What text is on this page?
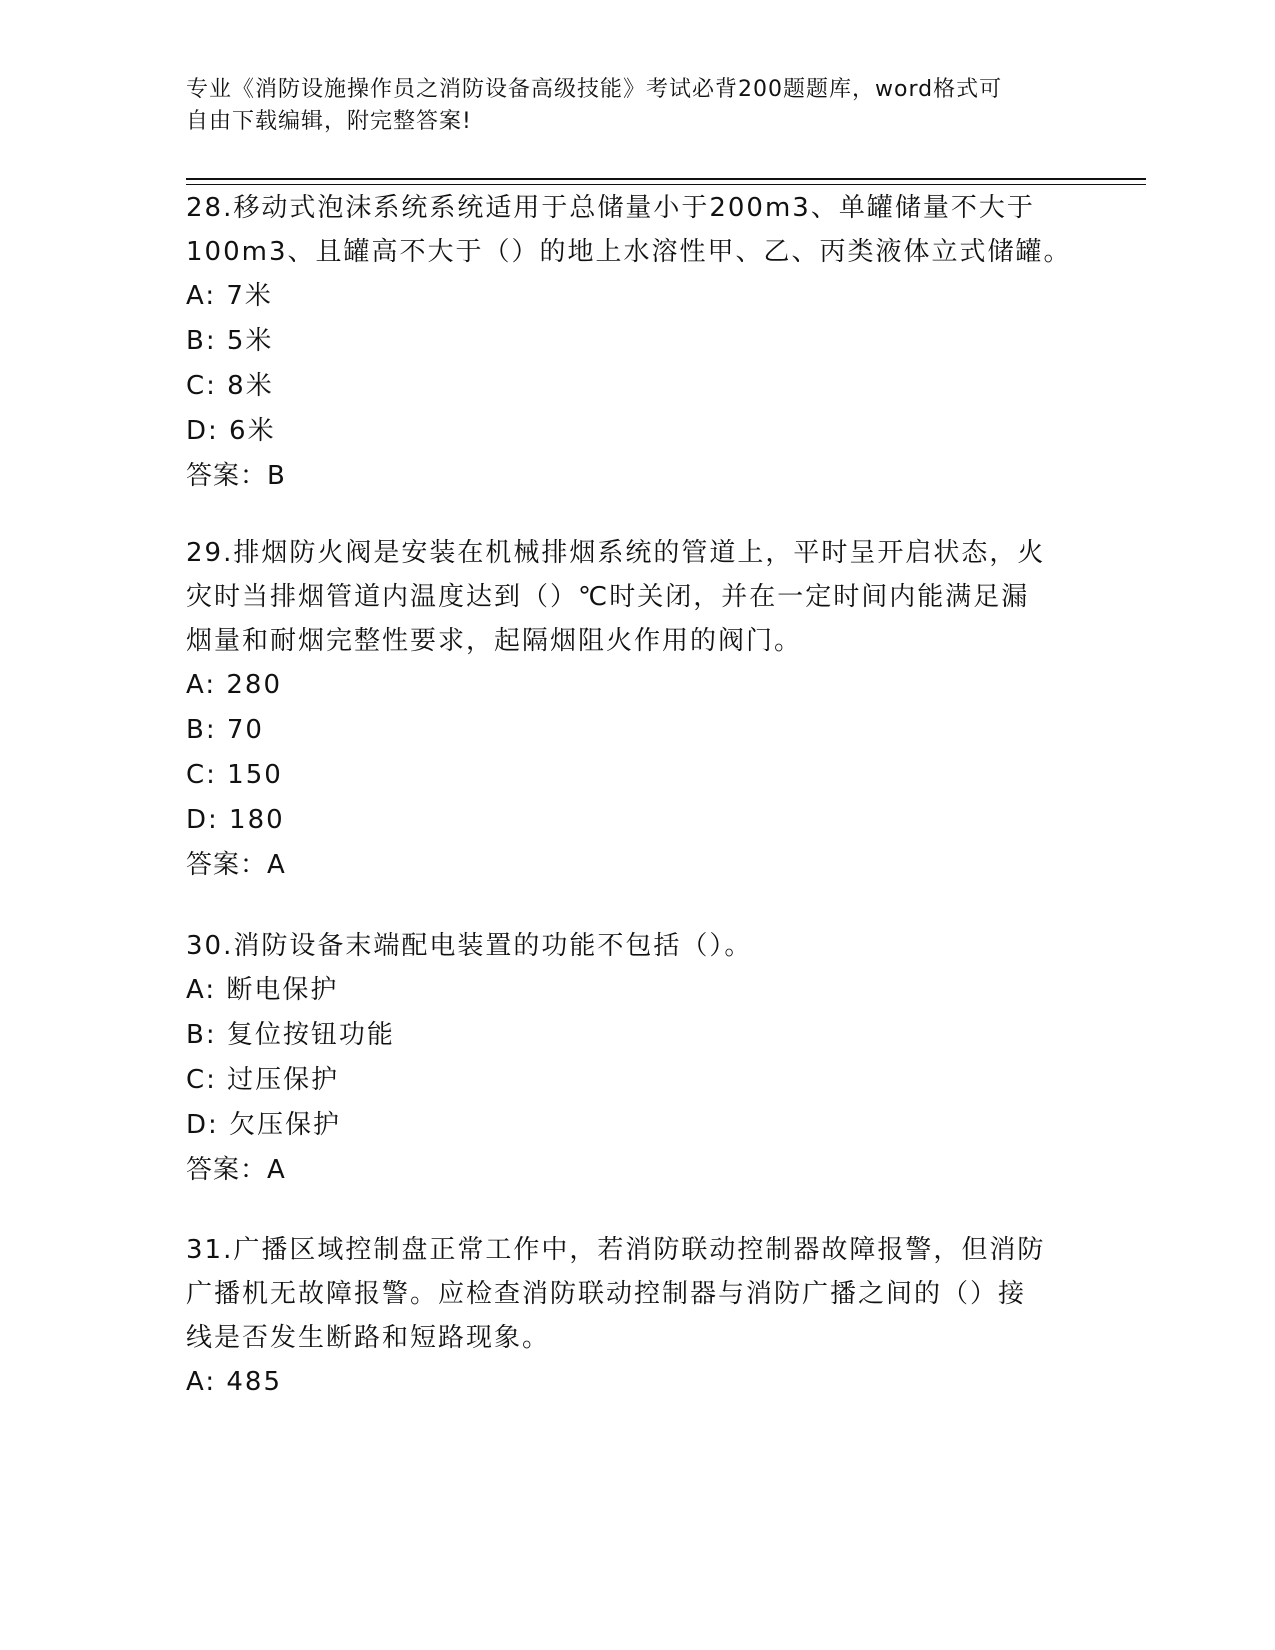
专业《消防设施操作员之消防设备高级技能》考试必背200题题库，word格式可
自由下载编辑，附完整答案!
28.移动式泡沫系统系统适用于总储量小于200m3、单罐储量不大于
100m3、且罐高不大于（）的地上水溶性甲、乙、丙类液体立式储罐。
A: 7米
B: 5米
C: 8米
D: 6米
答案：B
29.排烟防火阀是安装在机械排烟系统的管道上，平时呈开启状态，火
灾时当排烟管道内温度达到（）℃时关闭，并在一定时间内能满足漏
烟量和耐烟完整性要求，起隔烟阻火作用的阀门。
A: 280
B: 70
C: 150
D: 180
答案：A
30.消防设备末端配电装置的功能不包括（）。
A: 断电保护
B: 复位按钮功能
C: 过压保护
D: 欠压保护
答案：A
31.广播区域控制盘正常工作中，若消防联动控制器故障报警，但消防
广播机无故障报警。应检查消防联动控制器与消防广播之间的（）接
线是否发生断路和短路现象。
A: 485
